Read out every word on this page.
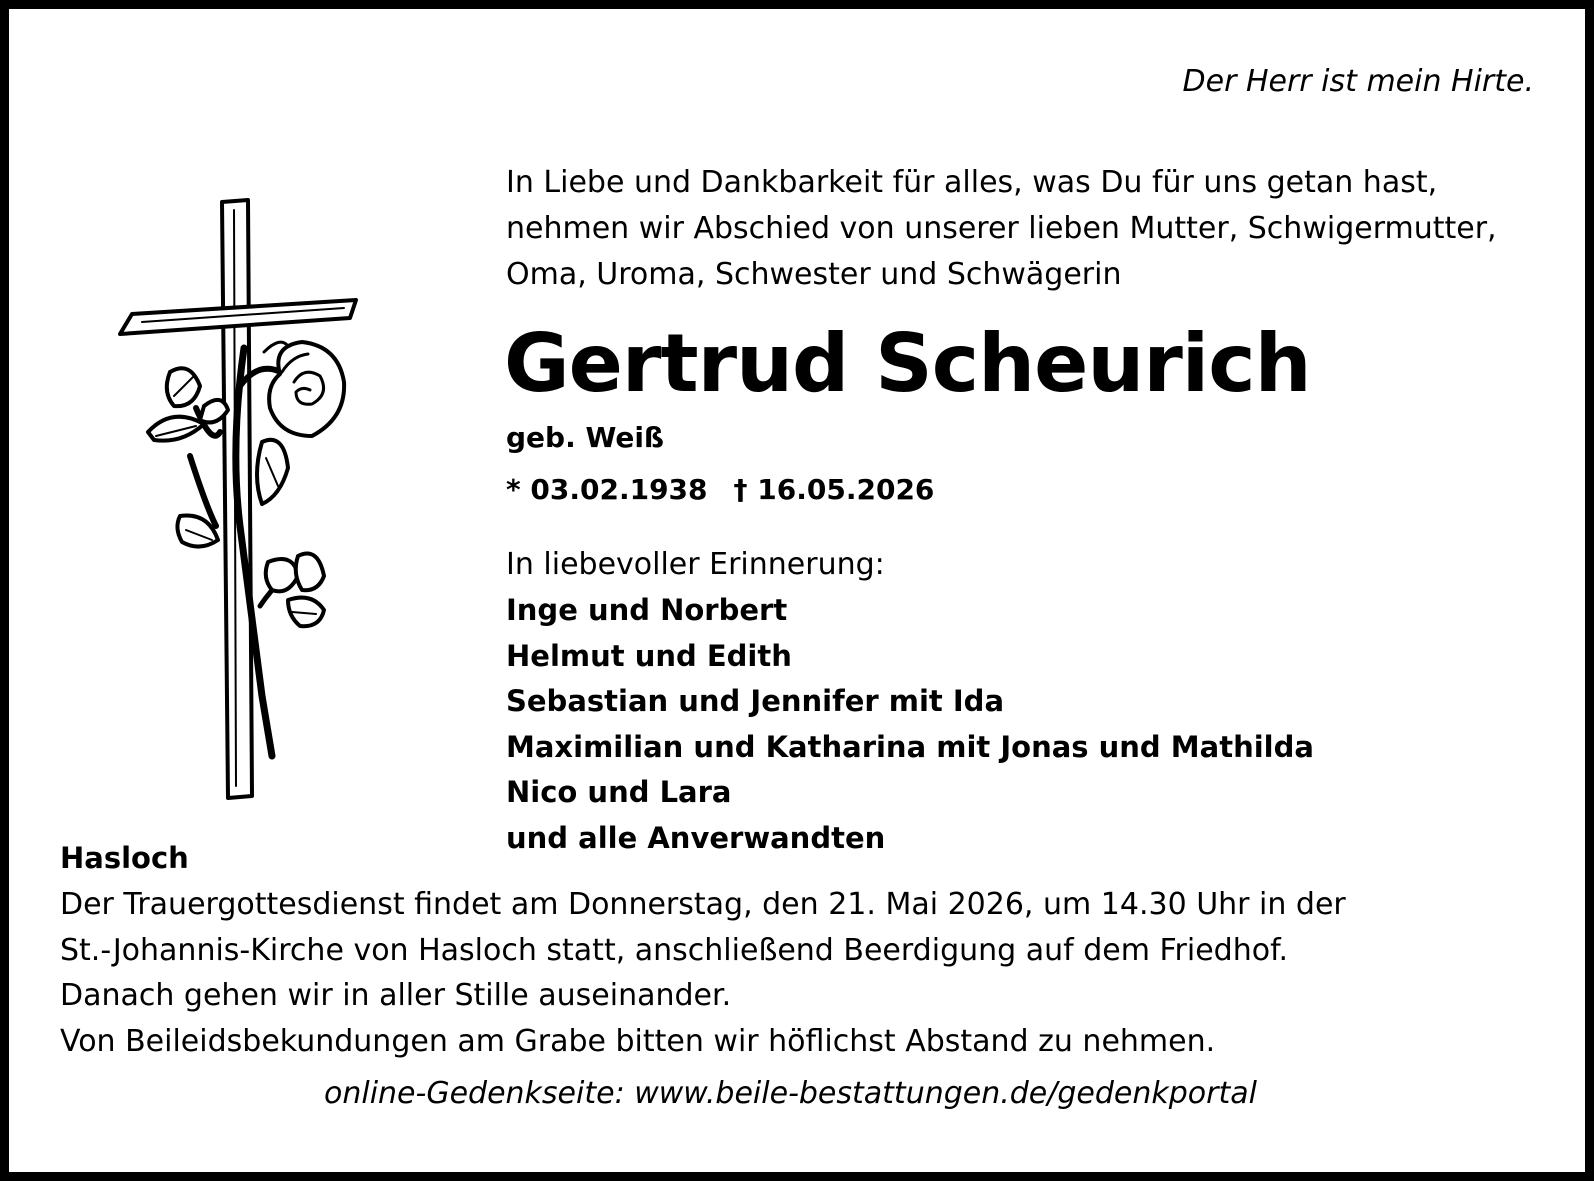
Der Herr ist mein Hirte.
In Liebe und Dankbarkeit für alles, was Du für uns getan hast,
nehmen wir Abschied von unserer lieben Mutter, Schwigermutter,
Oma, Uroma, Schwester und Schwägerin
Gertrud Scheurich
geb. Weiß
* 03.02.1938 † 16.05.2026
In liebevoller Erinnerung:
Inge und Norbert
Helmut und Edith
Sebastian und Jennifer mit Ida
Maximilian und Katharina mit Jonas und Mathilda
Nico und Lara
und alle Anverwandten
Hasloch
Der Trauergottesdienst findet am Donnerstag, den 21. Mai 2026, um 14.30 Uhr in der
St.-Johannis-Kirche von Hasloch statt, anschließend Beerdigung auf dem Friedhof.
Danach gehen wir in aller Stille auseinander.
Von Beileidsbekundungen am Grabe bitten wir höflichst Abstand zu nehmen.
online-Gedenkseite: www.beile-bestattungen.de/gedenkportal
